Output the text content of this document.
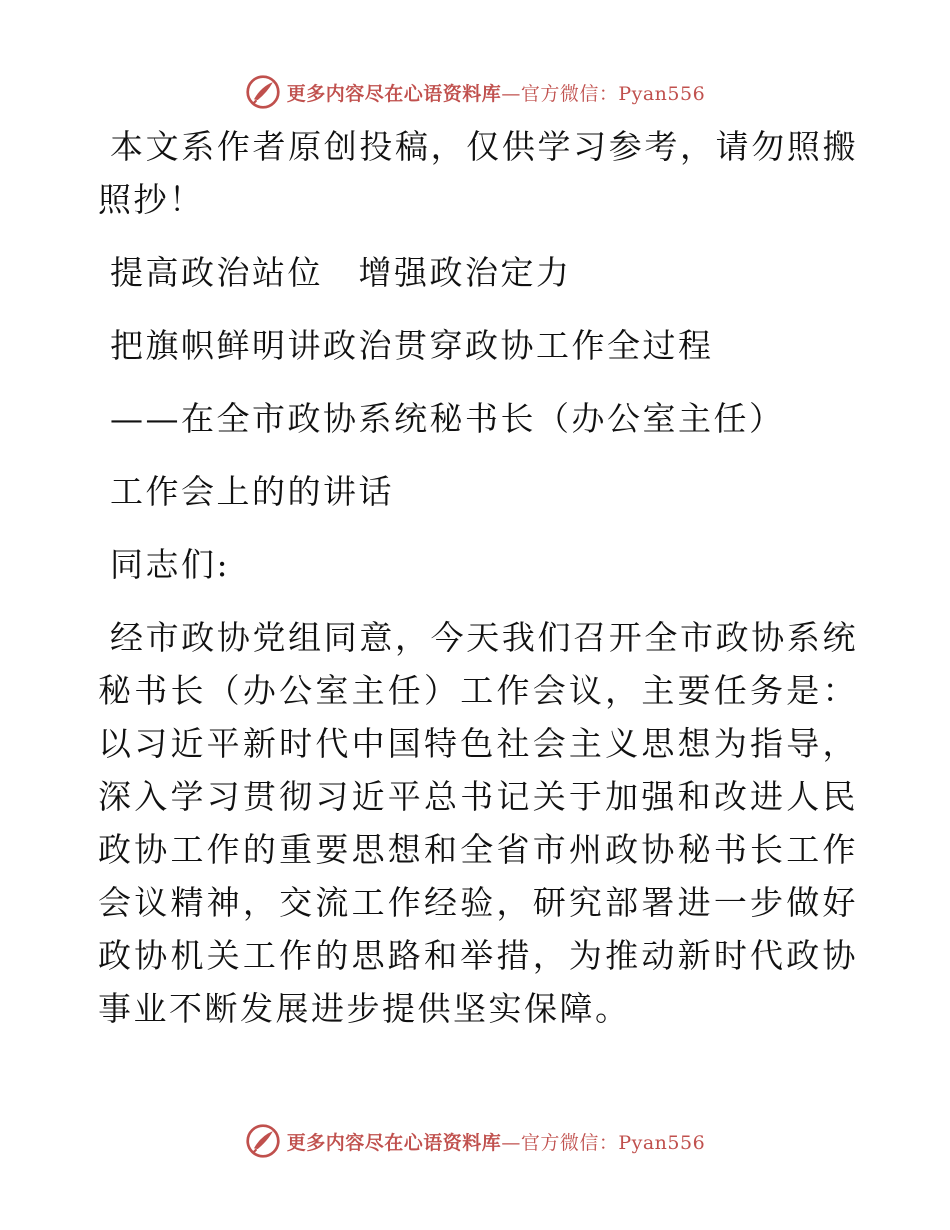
更多内容尽在心语资料库—官方微信：Pyan556

本文系作者原创投稿，仅供学习参考，请勿照搬照抄！

提高政治站位　增强政治定力

把旗帜鲜明讲政治贯穿政协工作全过程

——在全市政协系统秘书长（办公室主任）

工作会上的的讲话

同志们:

经市政协党组同意，今天我们召开全市政协系统秘书长（办公室主任）工作会议，主要任务是：以习近平新时代中国特色社会主义思想为指导，深入学习贯彻习近平总书记关于加强和改进人民政协工作的重要思想和全省市州政协秘书长工作会议精神，交流工作经验，研究部署进一步做好政协机关工作的思路和举措，为推动新时代政协事业不断发展进步提供坚实保障。

更多内容尽在心语资料库—官方微信：Pyan556
